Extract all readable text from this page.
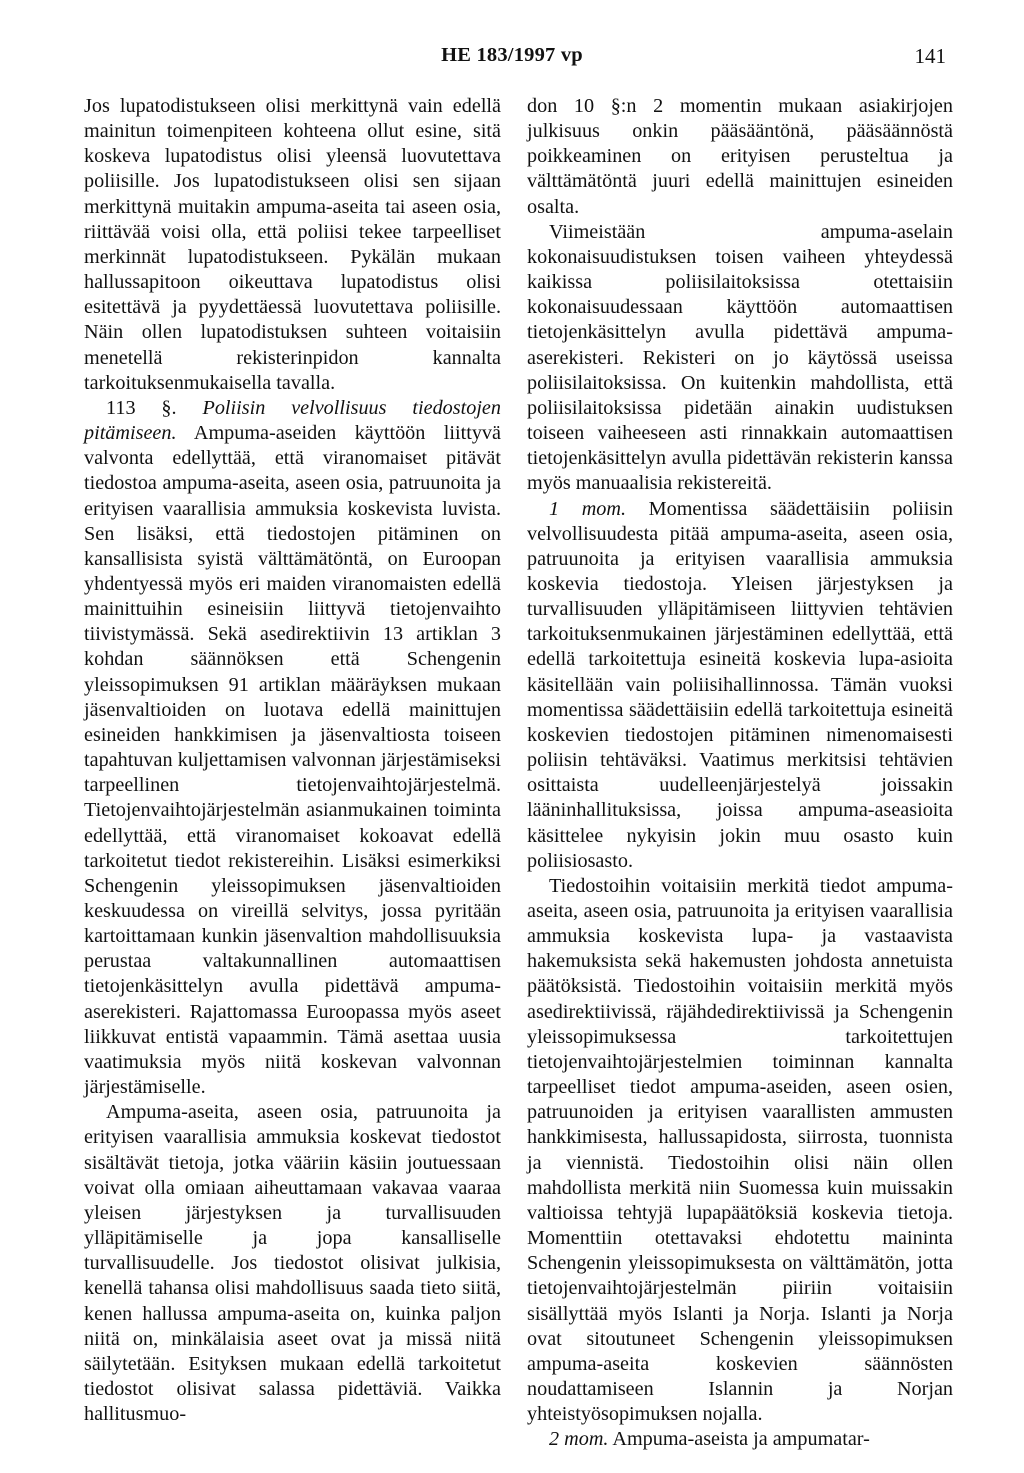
HE 183/1997 vp	141

Jos lupatodistukseen olisi merkittynä vain edellä mainitun toimenpiteen kohteena ollut esine, sitä koskeva lupatodistus olisi yleensä luovutettava poliisille. Jos lupatodistukseen olisi sen sijaan merkittynä muitakin ampuma-aseita tai aseen osia, riittävää voisi olla, että poliisi tekee tarpeelliset merkinnät lupatodistukseen. Pykälän mukaan hallussapitoon oikeuttava lupatodistus olisi esitettävä ja pyydettäessä luovutettava poliisille. Näin ollen lupatodistuksen suhteen voitaisiin menetellä rekisterinpidon kannalta tarkoituksenmukaisella tavalla.

113 §. Poliisin velvollisuus tiedostojen pitämiseen. Ampuma-aseiden käyttöön liittyvä valvonta edellyttää, että viranomaiset pitävät tiedostoa ampuma-aseita, aseen osia, patruunoita ja erityisen vaarallisia ammuksia koskevista luvista. Sen lisäksi, että tiedostojen pitäminen on kansallisista syistä välttämätöntä, on Euroopan yhdentyessä myös eri maiden viranomaisten edellä mainittuihin esineisiin liittyvä tietojenvaihto tiivistymässä. Sekä asedirektiivin 13 artiklan 3 kohdan säännöksen että Schengenin yleissopimuksen 91 artiklan määräyksen mukaan jäsenvaltioiden on luotava edellä mainittujen esineiden hankkimisen ja jäsenvaltiosta toiseen tapahtuvan kuljettamisen valvonnan järjestämiseksi tarpeellinen tietojenvaihtojärjestelmä. Tietojenvaihtojärjestelmän asianmukainen toiminta edellyttää, että viranomaiset kokoavat edellä tarkoitetut tiedot rekistereihin. Lisäksi esimerkiksi Schengenin yleissopimuksen jäsenvaltioiden keskuudessa on vireillä selvitys, jossa pyritään kartoittamaan kunkin jäsenvaltion mahdollisuuksia perustaa valtakunnallinen automaattisen tietojenkäsittelyn avulla pidettävä ampuma-aserekisteri. Rajattomassa Euroopassa myös aseet liikkuvat entistä vapaammin. Tämä asettaa uusia vaatimuksia myös niitä koskevan valvonnan järjestämiselle.

Ampuma-aseita, aseen osia, patruunoita ja erityisen vaarallisia ammuksia koskevat tiedostot sisältävät tietoja, jotka vääriin käsiin joutuessaan voivat olla omiaan aiheuttamaan vakavaa vaaraa yleisen järjestyksen ja turvallisuuden ylläpitämiselle ja jopa kansalliselle turvallisuudelle. Jos tiedostot olisivat julkisia, kenellä tahansa olisi mahdollisuus saada tieto siitä, kenen hallussa ampuma-aseita on, kuinka paljon niitä on, minkälaisia aseet ovat ja missä niitä säilytetään. Esityksen mukaan edellä tarkoitetut tiedostot olisivat salassa pidettäviä. Vaikka hallitusmuo-

don 10 §:n 2 momentin mukaan asiakirjojen julkisuus onkin pääsääntönä, pääsäännöstä poikkeaminen on erityisen perusteltua ja välttämätöntä juuri edellä mainittujen esineiden osalta.

Viimeistään ampuma-aselain kokonaisuudistuksen toisen vaiheen yhteydessä kaikissa poliisilaitoksissa otettaisiin kokonaisuudessaan käyttöön automaattisen tietojenkäsittelyn avulla pidettävä ampuma-aserekisteri. Rekisteri on jo käytössä useissa poliisilaitoksissa. On kuitenkin mahdollista, että poliisilaitoksissa pidetään ainakin uudistuksen toiseen vaiheeseen asti rinnakkain automaattisen tietojenkäsittelyn avulla pidettävän rekisterin kanssa myös manuaalisia rekistereitä.

1 mom. Momentissa säädettäisiin poliisin velvollisuudesta pitää ampuma-aseita, aseen osia, patruunoita ja erityisen vaarallisia ammuksia koskevia tiedostoja. Yleisen järjestyksen ja turvallisuuden ylläpitämiseen liittyvien tehtävien tarkoituksenmukainen järjestäminen edellyttää, että edellä tarkoitettuja esineitä koskevia lupa-asioita käsitellään vain poliisihallinnossa. Tämän vuoksi momentissa säädettäisiin edellä tarkoitettuja esineitä koskevien tiedostojen pitäminen nimenomaisesti poliisin tehtäväksi. Vaatimus merkitsisi tehtävien osittaista uudelleenjärjestelyä joissakin lääninhallituksissa, joissa ampuma-aseasioita käsittelee nykyisin jokin muu osasto kuin poliisiosasto.

Tiedostoihin voitaisiin merkitä tiedot ampuma-aseita, aseen osia, patruunoita ja erityisen vaarallisia ammuksia koskevista lupa- ja vastaavista hakemuksista sekä hakemusten johdosta annetuista päätöksistä. Tiedostoihin voitaisiin merkitä myös asedirektiivissä, räjähdedirektiivissä ja Schengenin yleissopimuksessa tarkoitettujen tietojenvaihtojärjestelmien toiminnan kannalta tarpeelliset tiedot ampuma-aseiden, aseen osien, patruunoiden ja erityisen vaarallisten ammusten hankkimisesta, hallussapidosta, siirrosta, tuonnista ja viennistä. Tiedostoihin olisi näin ollen mahdollista merkitä niin Suomessa kuin muissakin valtioissa tehtyjä lupapäätöksiä koskevia tietoja. Momenttiin otettavaksi ehdotettu maininta Schengenin yleissopimuksesta on välttämätön, jotta tietojenvaihtojärjestelmän piiriin voitaisiin sisällyttää myös Islanti ja Norja. Islanti ja Norja ovat sitoutuneet Schengenin yleissopimuksen ampuma-aseita koskevien säännösten noudattamiseen Islannin ja Norjan yhteistyösopimuksen nojalla.

2 mom. Ampuma-aseista ja ampumatar-
